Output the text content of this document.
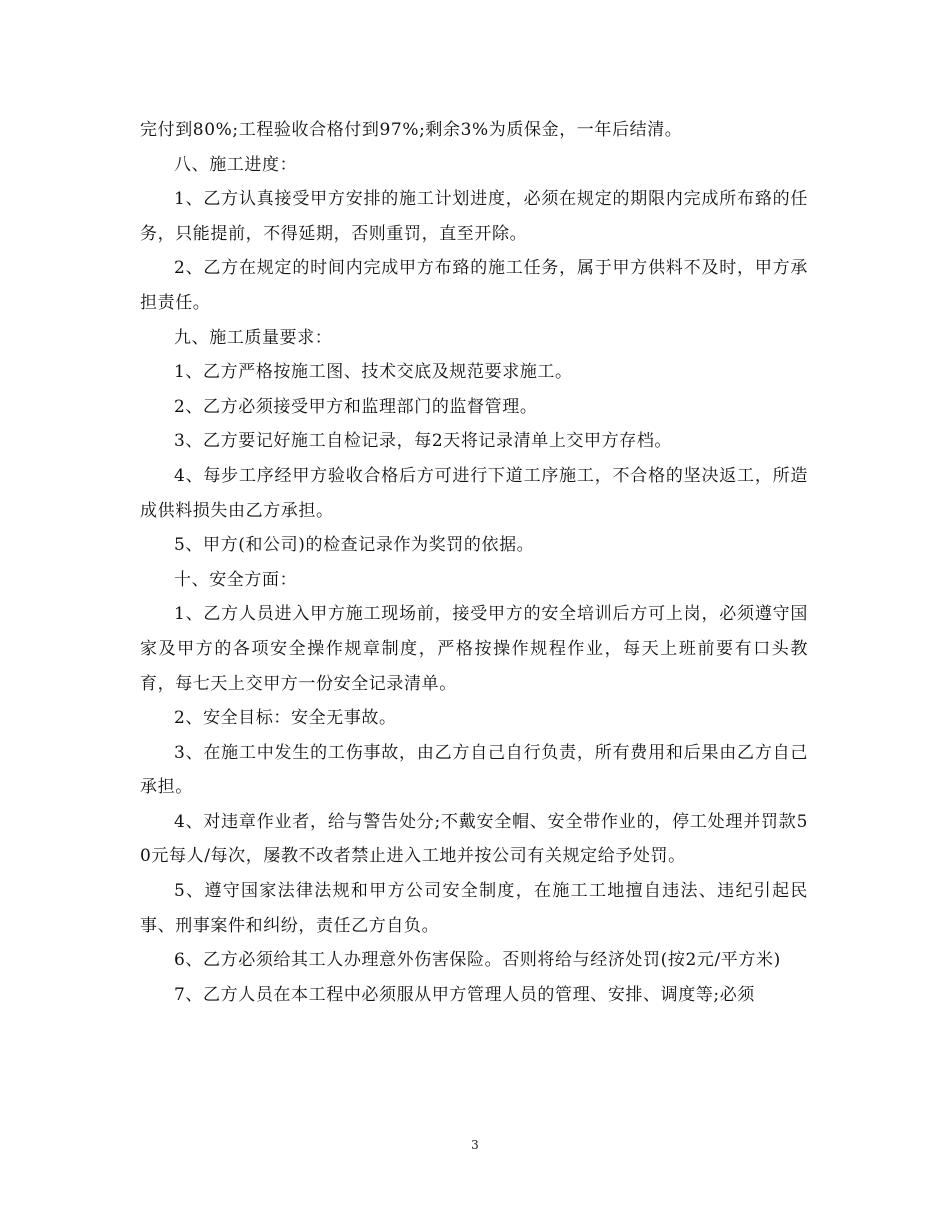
完付到80%;工程验收合格付到97%;剩余3%为质保金，一年后结清。

八、施工进度：

1、乙方认真接受甲方安排的施工计划进度，必须在规定的期限内完成所布臵的任务，只能提前，不得延期，否则重罚，直至开除。

2、乙方在规定的时间内完成甲方布臵的施工任务，属于甲方供料不及时，甲方承担责任。

九、施工质量要求：

1、乙方严格按施工图、技术交底及规范要求施工。

2、乙方必须接受甲方和监理部门的监督管理。

3、乙方要记好施工自检记录，每2天将记录清单上交甲方存档。

4、每步工序经甲方验收合格后方可进行下道工序施工，不合格的坚决返工，所造成供料损失由乙方承担。

5、甲方(和公司)的检查记录作为奖罚的依据。

十、安全方面：

1、乙方人员进入甲方施工现场前，接受甲方的安全培训后方可上岗，必须遵守国家及甲方的各项安全操作规章制度，严格按操作规程作业，每天上班前要有口头教育，每七天上交甲方一份安全记录清单。

2、安全目标：安全无事故。

3、在施工中发生的工伤事故，由乙方自己自行负责，所有费用和后果由乙方自己承担。

4、对违章作业者，给与警告处分;不戴安全帽、安全带作业的，停工处理并罚款50元每人/每次，屡教不改者禁止进入工地并按公司有关规定给予处罚。

5、遵守国家法律法规和甲方公司安全制度，在施工工地擅自违法、违纪引起民事、刑事案件和纠纷，责任乙方自负。

6、乙方必须给其工人办理意外伤害保险。否则将给与经济处罚(按2元/平方米)

7、乙方人员在本工程中必须服从甲方管理人员的管理、安排、调度等;必须

3
